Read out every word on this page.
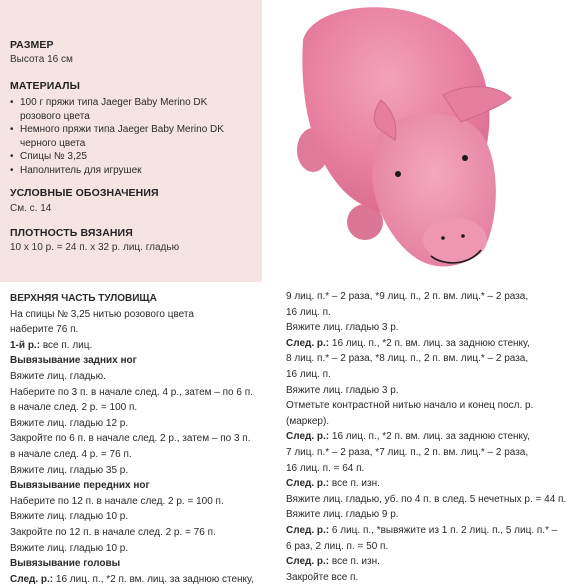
РАЗМЕР
Высота 16 см
МАТЕРИАЛЫ
• 100 г пряжи типа Jaeger Baby Merino DK
розового цвета
• Немного пряжи типа Jaeger Baby Merino DK
черного цвета
• Спицы № 3,25
• Наполнитель для игрушек
УСЛОВНЫЕ ОБОЗНАЧЕНИЯ
См. с. 14
ПЛОТНОСТЬ ВЯЗАНИЯ
10 х 10 р. = 24 п. х 32 р. лиц. гладью
ВЕРХНЯЯ ЧАСТЬ ТУЛОВИЩА
На спицы № 3,25 нитью розового цвета
наберите 76 п.
1-й р.: все п. лиц.
Вывязывание задних ног
Вяжите лиц. гладью.
Наберите по 3 п. в начале след. 4 р., затем – по 6 п.
в начале след. 2 р. = 100 п.
Вяжите лиц. гладью 12 р.
Закройте по 6 п. в начале след. 2 р., затем – по 3 п.
в начале след. 4 р. = 76 п.
Вяжите лиц. гладью 35 р.
Вывязывание передних ног
Наберите по 12 п. в начале след. 2 р. = 100 п.
Вяжите лиц. гладью 10 р.
Закройте по 12 п. в начале след. 2 р. = 76 п.
Вяжите лиц. гладью 10 р.
Вывязывание головы
След. р.: 16 лиц. п., *2 п. вм. лиц. за заднюю стенку,
9 лиц. п.* – 2 раза, *9 лиц. п., 2 п. вм. лиц.* – 2 раза,
16 лиц. п.
Вяжите лиц. гладью 3 р.
След. р.: 16 лиц. п., *2 п. вм. лиц. за заднюю стенку,
8 лиц. п.* – 2 раза, *8 лиц. п., 2 п. вм. лиц.* – 2 раза,
16 лиц. п.
Вяжите лиц. гладью 3 р.
Отметьте контрастной нитью начало и конец посл. р.
(маркер).
След. р.: 16 лиц. п., *2 п. вм. лиц. за заднюю стенку,
7 лиц. п.* – 2 раза, *7 лиц. п., 2 п. вм. лиц.* – 2 раза,
16 лиц. п. = 64 п.
След. р.: все п. изн.
Вяжите лиц. гладью, уб. по 4 п. в след. 5 нечетных р. = 44 п.
Вяжите лиц. гладью 9 р.
След. р.: 6 лиц. п., *вывяжите из 1 п. 2 лиц. п., 5 лиц. п.* –
6 раз, 2 лиц. п. = 50 п.
След. р.: все п. изн.
Закройте все п.
